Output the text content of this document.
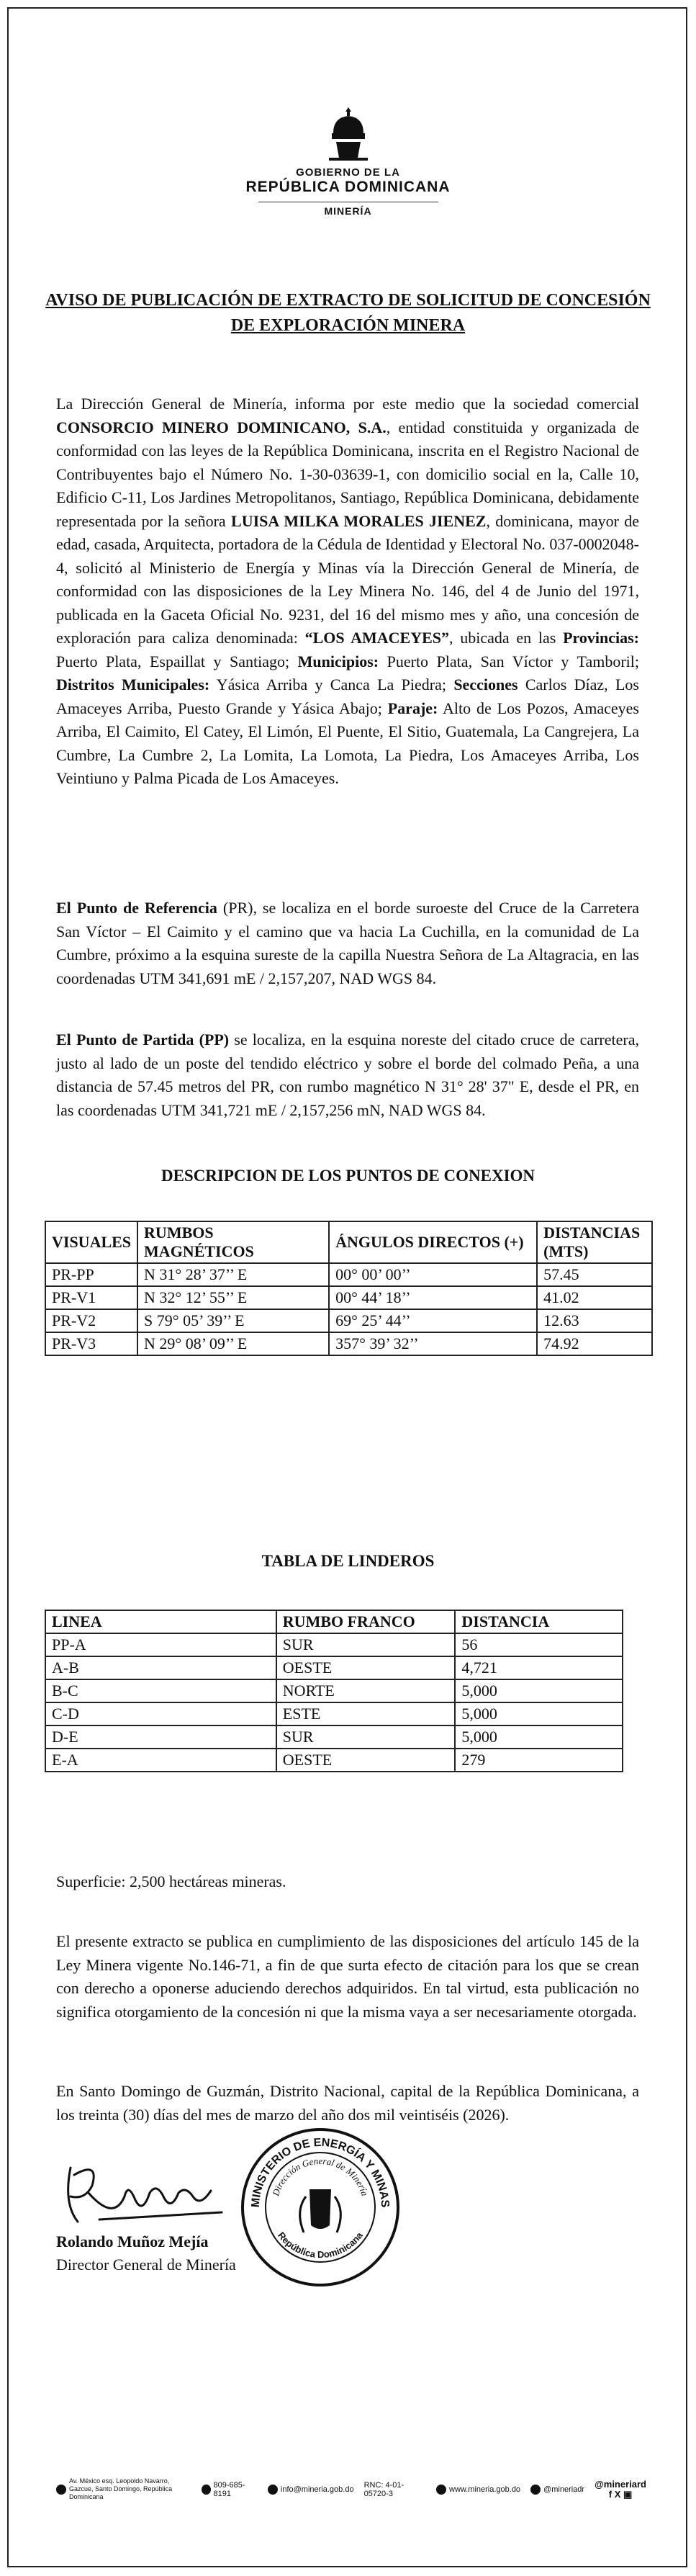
GOBIERNO DE LA
REPÚBLICA DOMINICANA
MINERÍA
AVISO DE PUBLICACIÓN DE EXTRACTO DE SOLICITUD DE CONCESIÓN DE EXPLORACIÓN MINERA

La Dirección General de Minería, informa por este medio que la sociedad comercial CONSORCIO MINERO DOMINICANO, S.A., entidad constituida y organizada de conformidad con las leyes de la República Dominicana, inscrita en el Registro Nacional de Contribuyentes bajo el Número No. 1-30-03639-1, con domicilio social en la, Calle 10, Edificio C-11, Los Jardines Metropolitanos, Santiago, República Dominicana, debidamente representada por la señora LUISA MILKA MORALES JIENEZ, dominicana, mayor de edad, casada, Arquitecta, portadora de la Cédula de Identidad y Electoral No. 037-0002048-4, solicitó al Ministerio de Energía y Minas vía la Dirección General de Minería, de conformidad con las disposiciones de la Ley Minera No. 146, del 4 de Junio del 1971, publicada en la Gaceta Oficial No. 9231, del 16 del mismo mes y año, una concesión de exploración para caliza denominada: “LOS AMACEYES”, ubicada en las Provincias: Puerto Plata, Espaillat y Santiago; Municipios: Puerto Plata, San Víctor y Tamboril; Distritos Municipales: Yásica Arriba y Canca La Piedra; Secciones Carlos Díaz, Los Amaceyes Arriba, Puesto Grande y Yásica Abajo; Paraje: Alto de Los Pozos, Amaceyes Arriba, El Caimito, El Catey, El Limón, El Puente, El Sitio, Guatemala, La Cangrejera, La Cumbre, La Cumbre 2, La Lomita, La Lomota, La Piedra, Los Amaceyes Arriba, Los Veintiuno y Palma Picada de Los Amaceyes.

El Punto de Referencia (PR), se localiza en el borde suroeste del Cruce de la Carretera San Víctor – El Caimito y el camino que va hacia La Cuchilla, en la comunidad de La Cumbre, próximo a la esquina sureste de la capilla Nuestra Señora de La Altagracia, en las coordenadas UTM 341,691 mE / 2,157,207, NAD WGS 84.

El Punto de Partida (PP) se localiza, en la esquina noreste del citado cruce de carretera, justo al lado de un poste del tendido eléctrico y sobre el borde del colmado Peña, a una distancia de 57.45 metros del PR, con rumbo magnético N 31° 28' 37" E, desde el PR, en las coordenadas UTM 341,721 mE / 2,157,256 mN, NAD WGS 84.

DESCRIPCION DE LOS PUNTOS DE CONEXION
VISUALES	RUMBOS MAGNÉTICOS	ÁNGULOS DIRECTOS (+)	DISTANCIAS (MTS)
PR-PP	N 31° 28’ 37’’ E	00° 00’ 00’’	57.45
PR-V1	N 32° 12’ 55’’ E	00° 44’ 18’’	41.02
PR-V2	S 79° 05’ 39’’ E	69° 25’ 44’’	12.63
PR-V3	N 29° 08’ 09’’ E	357° 39’ 32’’	74.92
TABLA DE LINDEROS
LINEA	RUMBO FRANCO	DISTANCIA
PP-A	SUR	56
A-B	OESTE	4,721
B-C	NORTE	5,000
C-D	ESTE	5,000
D-E	SUR	5,000
E-A	OESTE	279
Superficie: 2,500 hectáreas mineras.

El presente extracto se publica en cumplimiento de las disposiciones del artículo 145 de la Ley Minera vigente No.146-71, a fin de que surta efecto de citación para los que se crean con derecho a oponerse aduciendo derechos adquiridos. En tal virtud, esta publicación no significa otorgamiento de la concesión ni que la misma vaya a ser necesariamente otorgada.

En Santo Domingo de Guzmán, Distrito Nacional, capital de la República Dominicana, a los treinta (30) días del mes de marzo del año dos mil veintiséis (2026).

Rolando Muñoz Mejía
Director General de Minería
MINISTERIO DE ENERGÍA Y MINAS
Dirección General de Minería
República Dominicana
Av. México esq. Leopoldo Navarro, Gazcue, Santo Domingo, República Dominicana
809-685-8191	info@mineria.gob.do RNC: 4-01-05720-3	www.mineria.gob.do	@mineriadr @mineriard
f X ▣
